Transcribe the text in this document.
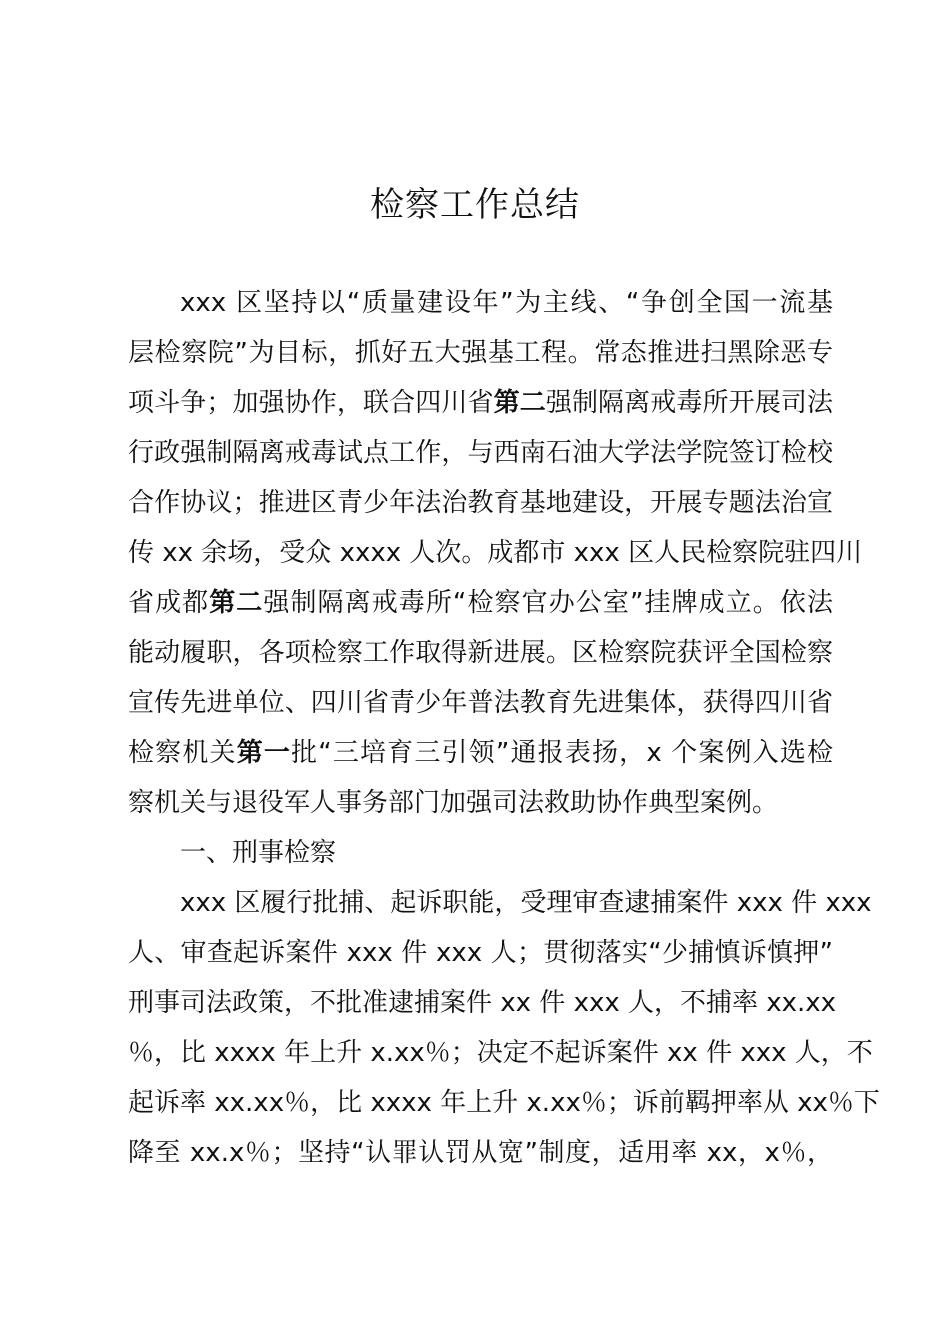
检察工作总结
xxx 区坚持以“质量建设年”为主线、“争创全国一流基
层检察院”为目标，抓好五大强基工程。常态推进扫黑除恶专
项斗争；加强协作，联合四川省第二强制隔离戒毒所开展司法
行政强制隔离戒毒试点工作，与西南石油大学法学院签订检校
合作协议；推进区青少年法治教育基地建设，开展专题法治宣
传 xx 余场，受众 xxxx 人次。成都市 xxx 区人民检察院驻四川
省成都第二强制隔离戒毒所“检察官办公室”挂牌成立。依法
能动履职，各项检察工作取得新进展。区检察院获评全国检察
宣传先进单位、四川省青少年普法教育先进集体，获得四川省
检察机关第一批“三培育三引领”通报表扬，x 个案例入选检
察机关与退役军人事务部门加强司法救助协作典型案例。
一、刑事检察
xxx 区履行批捕、起诉职能，受理审查逮捕案件 xxx 件 xxx
人、审查起诉案件 xxx 件 xxx 人；贯彻落实“少捕慎诉慎押”
刑事司法政策，不批准逮捕案件 xx 件 xxx 人，不捕率 xx.xx
％，比 xxxx 年上升 x.xx％；决定不起诉案件 xx 件 xxx 人，不
起诉率 xx.xx％，比 xxxx 年上升 x.xx％；诉前羁押率从 xx％下
降至 xx.x％；坚持“认罪认罚从宽”制度，适用率 xx，x％，
